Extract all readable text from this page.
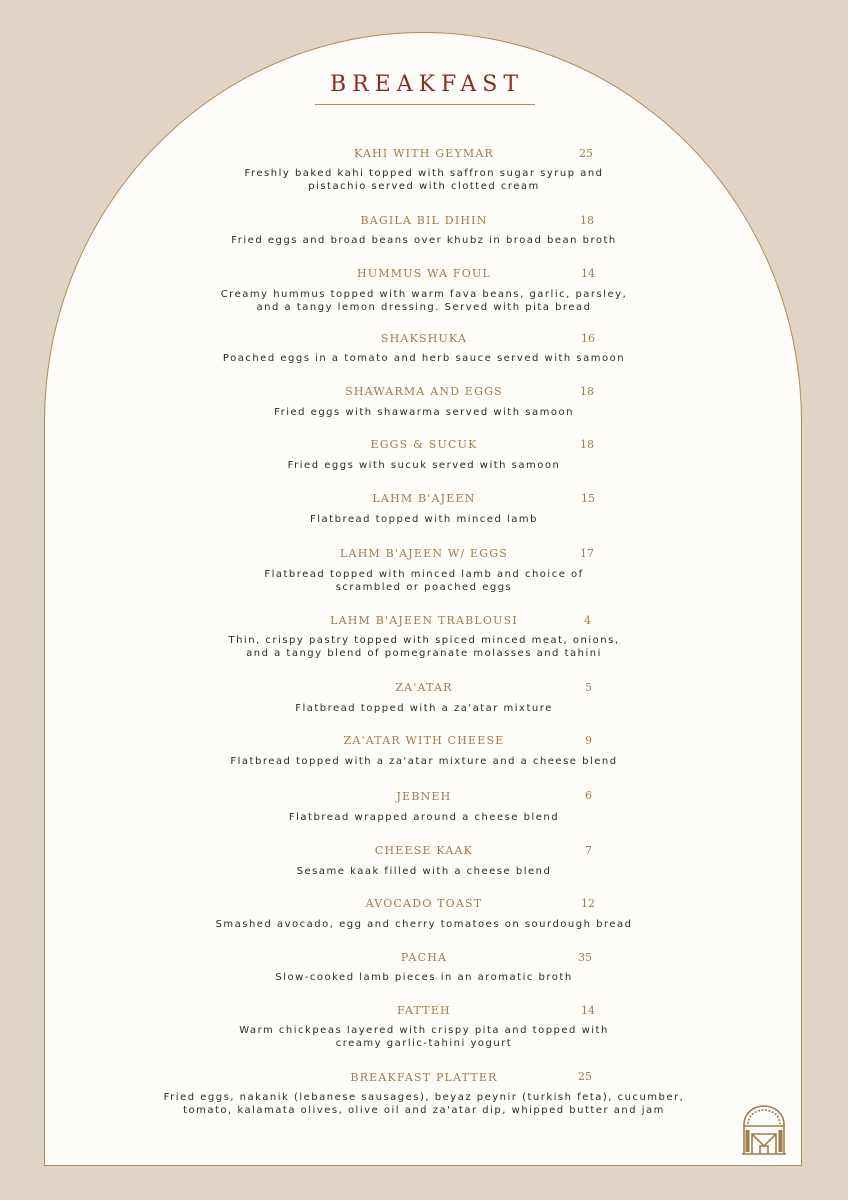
BREAKFAST
KAHI WITH GEYMAR	25
Freshly baked kahi topped with saffron sugar syrup and
pistachio served with clotted cream
BAGILA BIL DIHIN	18
Fried eggs and broad beans over khubz in broad bean broth
HUMMUS WA FOUL	14
Creamy hummus topped with warm fava beans, garlic, parsley,
and a tangy lemon dressing. Served with pita bread
SHAKSHUKA	16
Poached eggs in a tomato and herb sauce served with samoon
SHAWARMA AND EGGS	18
Fried eggs with shawarma served with samoon
EGGS & SUCUK	18
Fried eggs with sucuk served with samoon
LAHM B'AJEEN	15
Flatbread topped with minced lamb
LAHM B'AJEEN W/ EGGS	17
Flatbread topped with minced lamb and choice of
scrambled or poached eggs
LAHM B'AJEEN TRABLOUSI	4
Thin, crispy pastry topped with spiced minced meat, onions,
and a tangy blend of pomegranate molasses and tahini
ZA'ATAR	5
Flatbread topped with a za'atar mixture
ZA'ATAR WITH CHEESE	9
Flatbread topped with a za'atar mixture and a cheese blend
JEBNEH	6
Flatbread wrapped around a cheese blend
CHEESE KAAK	7
Sesame kaak filled with a cheese blend
AVOCADO TOAST	12
Smashed avocado, egg and cherry tomatoes on sourdough bread
PACHA	35
Slow-cooked lamb pieces in an aromatic broth
FATTEH	14
Warm chickpeas layered with crispy pita and topped with
creamy garlic-tahini yogurt
BREAKFAST PLATTER	25
Fried eggs, nakanik (lebanese sausages), beyaz peynir (turkish feta), cucumber,
tomato, kalamata olives, olive oil and za'atar dip, whipped butter and jam
